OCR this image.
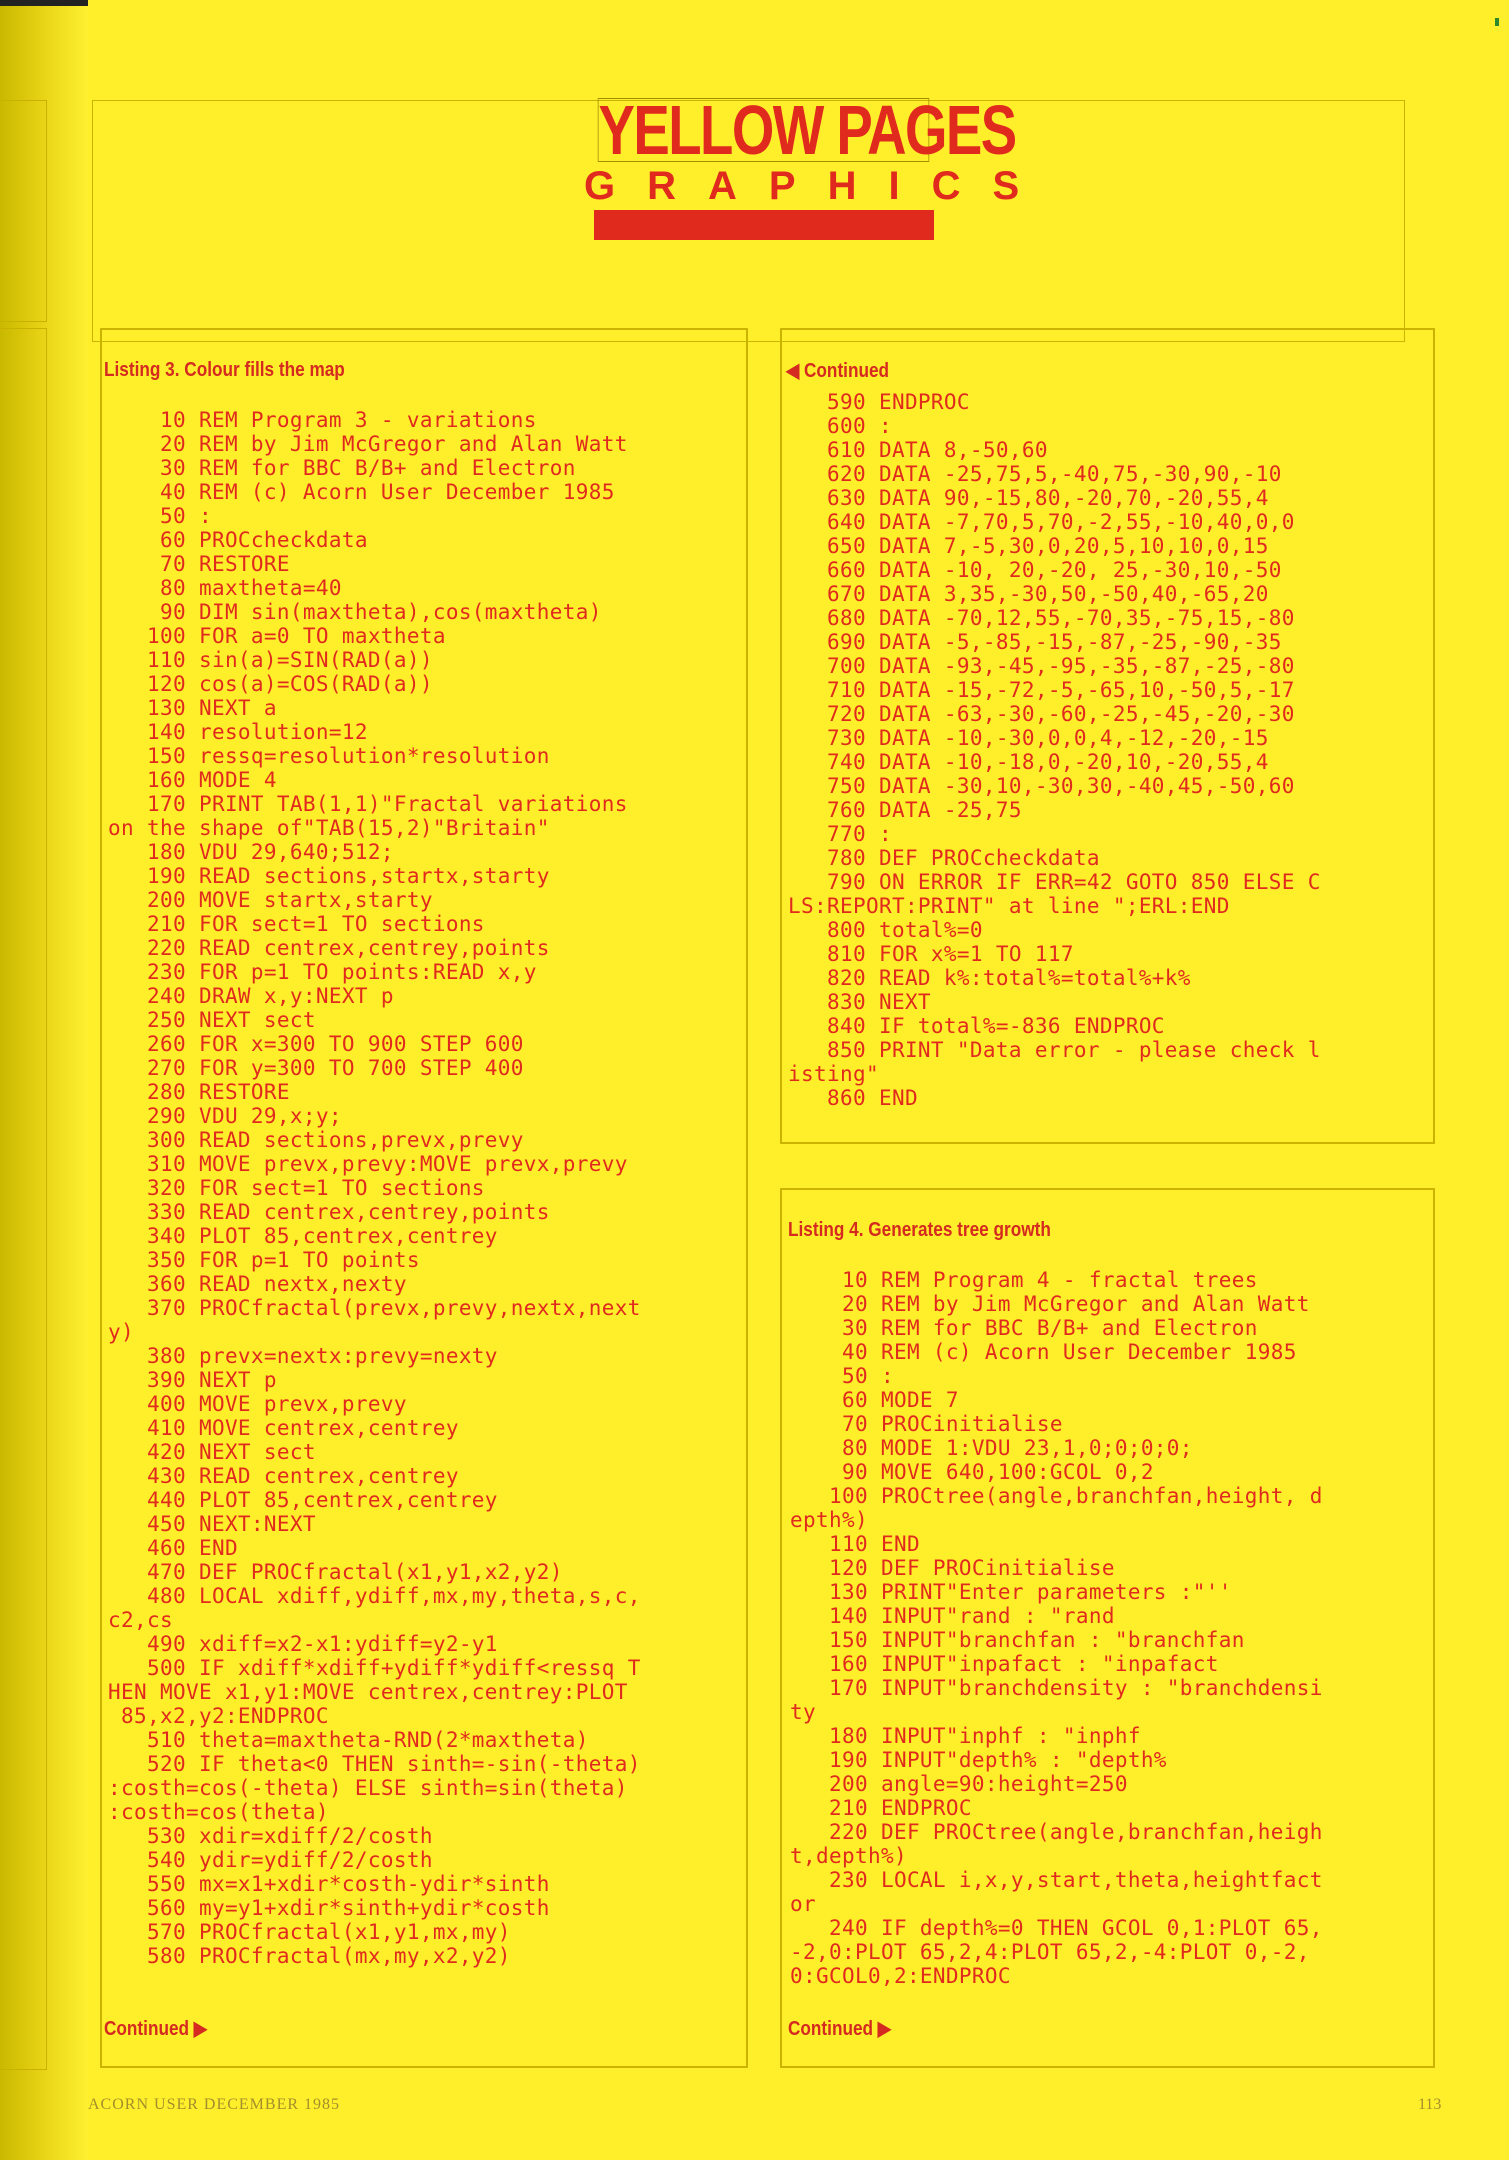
YELLOW PAGES
GRAPHICS
Listing 3. Colour fills the map
10 REM Program 3 - variations
20 REM by Jim McGregor and Alan Watt
30 REM for BBC B/B+ and Electron
40 REM (c) Acorn User December 1985
50 :
60 PROCcheckdata
70 RESTORE
80 maxtheta=40
90 DIM sin(maxtheta),cos(maxtheta)
100 FOR a=0 TO maxtheta
110 sin(a)=SIN(RAD(a))
120 cos(a)=COS(RAD(a))
130 NEXT a
140 resolution=12
150 ressq=resolution*resolution
160 MODE 4
170 PRINT TAB(1,1)"Fractal variations
on the shape of"TAB(15,2)"Britain"
180 VDU 29,640;512;
190 READ sections,startx,starty
200 MOVE startx,starty
210 FOR sect=1 TO sections
220 READ centrex,centrey,points
230 FOR p=1 TO points:READ x,y
240 DRAW x,y:NEXT p
250 NEXT sect
260 FOR x=300 TO 900 STEP 600
270 FOR y=300 TO 700 STEP 400
280 RESTORE
290 VDU 29,x;y;
300 READ sections,prevx,prevy
310 MOVE prevx,prevy:MOVE prevx,prevy
320 FOR sect=1 TO sections
330 READ centrex,centrey,points
340 PLOT 85,centrex,centrey
350 FOR p=1 TO points
360 READ nextx,nexty
370 PROCfractal(prevx,prevy,nextx,next
y)
380 prevx=nextx:prevy=nexty
390 NEXT p
400 MOVE prevx,prevy
410 MOVE centrex,centrey
420 NEXT sect
430 READ centrex,centrey
440 PLOT 85,centrex,centrey
450 NEXT:NEXT
460 END
470 DEF PROCfractal(x1,y1,x2,y2)
480 LOCAL xdiff,ydiff,mx,my,theta,s,c,
c2,cs
490 xdiff=x2-x1:ydiff=y2-y1
500 IF xdiff*xdiff+ydiff*ydiff<ressq T
HEN MOVE x1,y1:MOVE centrex,centrey:PLOT
85,x2,y2:ENDPROC
510 theta=maxtheta-RND(2*maxtheta)
520 IF theta<0 THEN sinth=-sin(-theta)
:costh=cos(-theta) ELSE sinth=sin(theta)
:costh=cos(theta)
530 xdir=xdiff/2/costh
540 ydir=ydiff/2/costh
550 mx=x1+xdir*costh-ydir*sinth
560 my=y1+xdir*sinth+ydir*costh
570 PROCfractal(x1,y1,mx,my)
580 PROCfractal(mx,my,x2,y2)
Continued ▶
◀ Continued
590 ENDPROC
600 :
610 DATA 8,-50,60
620 DATA -25,75,5,-40,75,-30,90,-10
630 DATA 90,-15,80,-20,70,-20,55,4
640 DATA -7,70,5,70,-2,55,-10,40,0,0
650 DATA 7,-5,30,0,20,5,10,10,0,15
660 DATA -10, 20,-20, 25,-30,10,-50
670 DATA 3,35,-30,50,-50,40,-65,20
680 DATA -70,12,55,-70,35,-75,15,-80
690 DATA -5,-85,-15,-87,-25,-90,-35
700 DATA -93,-45,-95,-35,-87,-25,-80
710 DATA -15,-72,-5,-65,10,-50,5,-17
720 DATA -63,-30,-60,-25,-45,-20,-30
730 DATA -10,-30,0,0,4,-12,-20,-15
740 DATA -10,-18,0,-20,10,-20,55,4
750 DATA -30,10,-30,30,-40,45,-50,60
760 DATA -25,75
770 :
780 DEF PROCcheckdata
790 ON ERROR IF ERR=42 GOTO 850 ELSE C
LS:REPORT:PRINT" at line ";ERL:END
800 total%=0
810 FOR x%=1 TO 117
820 READ k%:total%=total%+k%
830 NEXT
840 IF total%=-836 ENDPROC
850 PRINT "Data error - please check l
isting"
860 END
Listing 4. Generates tree growth
10 REM Program 4 - fractal trees
20 REM by Jim McGregor and Alan Watt
30 REM for BBC B/B+ and Electron
40 REM (c) Acorn User December 1985
50 :
60 MODE 7
70 PROCinitialise
80 MODE 1:VDU 23,1,0;0;0;0;
90 MOVE 640,100:GCOL 0,2
100 PROCtree(angle,branchfan,height, d
epth%)
110 END
120 DEF PROCinitialise
130 PRINT"Enter parameters :"''
140 INPUT"rand : "rand
150 INPUT"branchfan : "branchfan
160 INPUT"inpafact : "inpafact
170 INPUT"branchdensity : "branchdensi
ty
180 INPUT"inphf : "inphf
190 INPUT"depth% : "depth%
200 angle=90:height=250
210 ENDPROC
220 DEF PROCtree(angle,branchfan,heigh
t,depth%)
230 LOCAL i,x,y,start,theta,heightfact
or
240 IF depth%=0 THEN GCOL 0,1:PLOT 65,
-2,0:PLOT 65,2,4:PLOT 65,2,-4:PLOT 0,-2,
0:GCOL0,2:ENDPROC
Continued ▶
ACORN USER DECEMBER 1985	113
